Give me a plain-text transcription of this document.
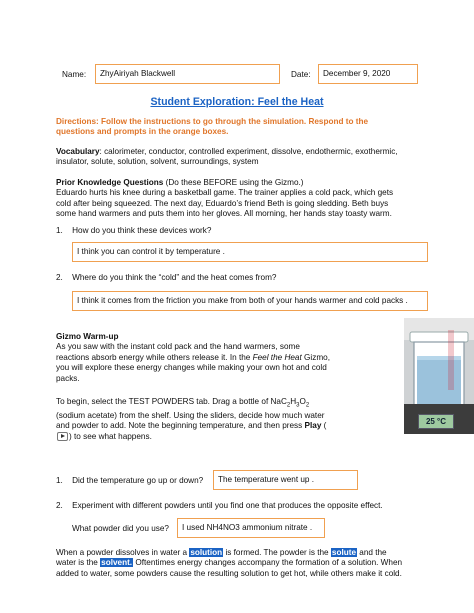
Name:	ZhyAiriyah Blackwell	Date:	December 9, 2020
Student Exploration: Feel the Heat
Directions: Follow the instructions to go through the simulation. Respond to the
questions and prompts in the orange boxes.
Vocabulary: calorimeter, conductor, controlled experiment, dissolve, endothermic, exothermic,
insulator, solute, solution, solvent, surroundings, system
Prior Knowledge Questions (Do these BEFORE using the Gizmo.)
Eduardo hurts his knee during a basketball game. The trainer applies a cold pack, which gets
cold after being squeezed. The next day, Eduardo’s friend Beth is going sledding. Beth buys
some hand warmers and puts them into her gloves. All morning, her hands stay toasty warm.
1. How do you think these devices work?
I think you can control it by temperature .
2. Where do you think the “cold” and the heat comes from?
I think it comes from the friction you make from both of your hands warmer and cold packs .
Gizmo Warm-up
As you saw with the instant cold pack and the hand warmers, some
reactions absorb energy while others release it. In the Feel the Heat Gizmo,
you will explore these energy changes while making your own hot and cold
packs.
To begin, select the TEST POWDERS tab. Drag a bottle of $NaC_2H_3O_2$
(sodium acetate) from the shelf. Using the sliders, decide how much water
and powder to add. Note the beginning temperature, and then press Play (
) to see what happens.
25 °C
1. Did the temperature go up or down?	The temperature went up .
2. Experiment with different powders until you find one that produces the opposite effect.
What powder did you use?	I used NH4NO3 ammonium nitrate .
When a powder dissolves in water a solution is formed. The powder is the solute and the
water is the solvent. Oftentimes energy changes accompany the formation of a solution. When
added to water, some powders cause the resulting solution to get hot, while others make it cold.
